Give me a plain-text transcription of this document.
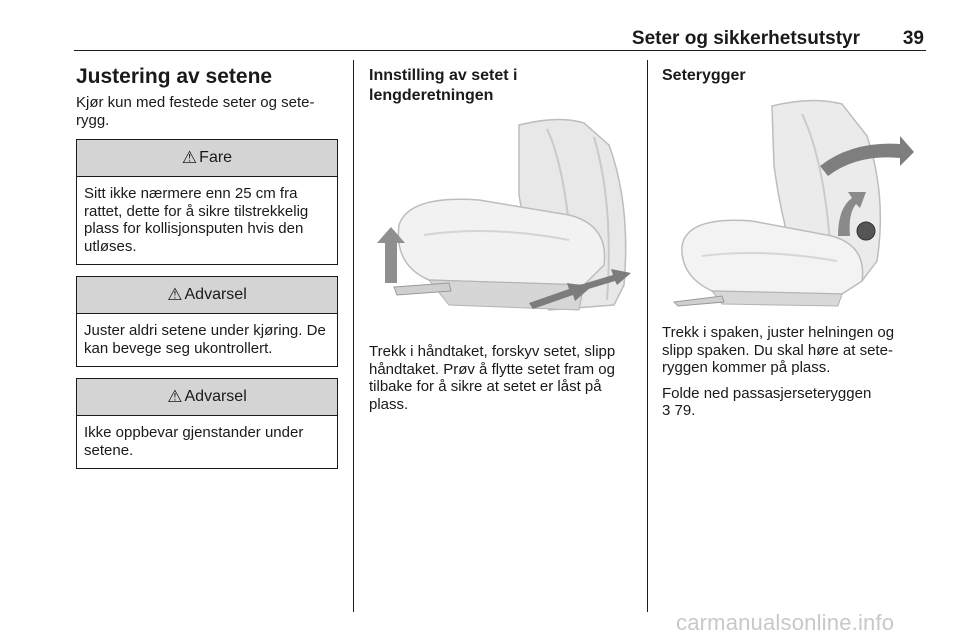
Seter og sikkerhetsutstyr 39
Justering av setene

Kjør kun med festede seter og seterygg.

⚠ Fare
Sitt ikke nærmere enn 25 cm fra rattet, dette for å sikre tilstrekkelig plass for kollisjonsputen hvis den utløses.
⚠ Advarsel
Juster aldri setene under kjøring. De kan bevege seg ukontrollert.
⚠ Advarsel
Ikke oppbevar gjenstander under setene.
Innstilling av setet i lengderetningen

Trekk i håndtaket, forskyv setet, slipp håndtaket. Prøv å flytte setet fram og tilbake for å sikre at setet er låst på plass.

Seterygger

Trekk i spaken, juster helningen og slipp spaken. Du skal høre at seteryggen kommer på plass.

Folde ned passasjerseteryggen
3 79.

carmanualsonline.info
